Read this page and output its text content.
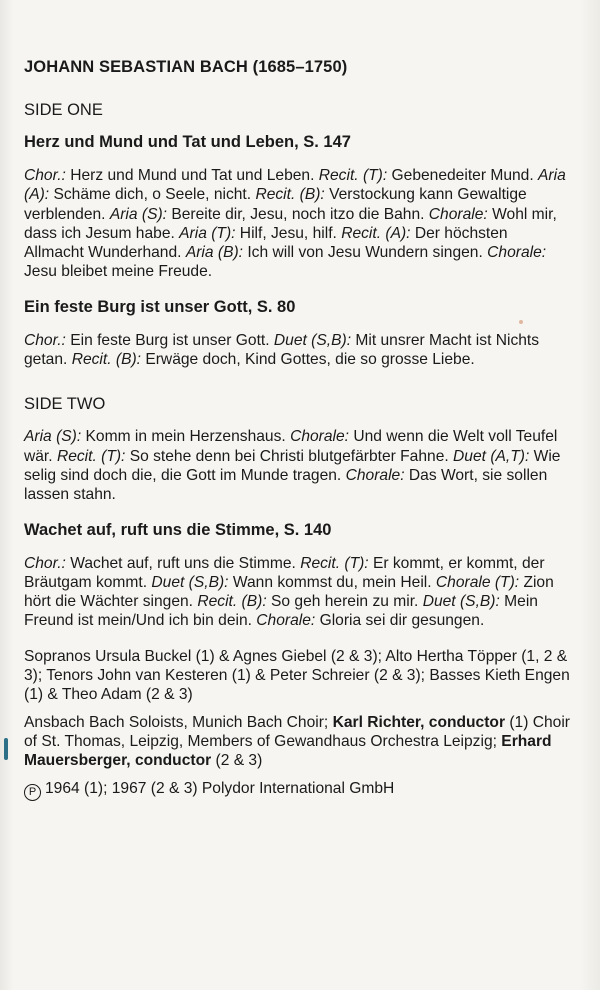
JOHANN SEBASTIAN BACH (1685–1750)
SIDE ONE
Herz und Mund und Tat und Leben, S. 147
Chor.: Herz und Mund und Tat und Leben. Recit. (T): Gebenedeiter Mund. Aria (A): Schäme dich, o Seele, nicht. Recit. (B): Verstockung kann Gewaltige verblenden. Aria (S): Bereite dir, Jesu, noch itzo die Bahn. Chorale: Wohl mir, dass ich Jesum habe. Aria (T): Hilf, Jesu, hilf. Recit. (A): Der höchsten Allmacht Wunderhand. Aria (B): Ich will von Jesu Wundern singen. Chorale: Jesu bleibet meine Freude.
Ein feste Burg ist unser Gott, S. 80
Chor.: Ein feste Burg ist unser Gott. Duet (S,B): Mit unsrer Macht ist Nichts getan. Recit. (B): Erwäge doch, Kind Gottes, die so grosse Liebe.
SIDE TWO
Aria (S): Komm in mein Herzenshaus. Chorale: Und wenn die Welt voll Teufel wär. Recit. (T): So stehe denn bei Christi blutgefärbter Fahne. Duet (A,T): Wie selig sind doch die, die Gott im Munde tragen. Chorale: Das Wort, sie sollen lassen stahn.
Wachet auf, ruft uns die Stimme, S. 140
Chor.: Wachet auf, ruft uns die Stimme. Recit. (T): Er kommt, er kommt, der Bräutgam kommt. Duet (S,B): Wann kommst du, mein Heil. Chorale (T): Zion hört die Wächter singen. Recit. (B): So geh herein zu mir. Duet (S,B): Mein Freund ist mein/Und ich bin dein. Chorale: Gloria sei dir gesungen.
Sopranos Ursula Buckel (1) & Agnes Giebel (2 & 3); Alto Hertha Töpper (1, 2 & 3); Tenors John van Kesteren (1) & Peter Schreier (2 & 3); Basses Kieth Engen (1) & Theo Adam (2 & 3)
Ansbach Bach Soloists, Munich Bach Choir; Karl Richter, conductor (1) Choir of St. Thomas, Leipzig, Members of Gewandhaus Orchestra Leipzig; Erhard Mauersberger, conductor (2 & 3)
P 1964 (1); 1967 (2 & 3) Polydor International GmbH
